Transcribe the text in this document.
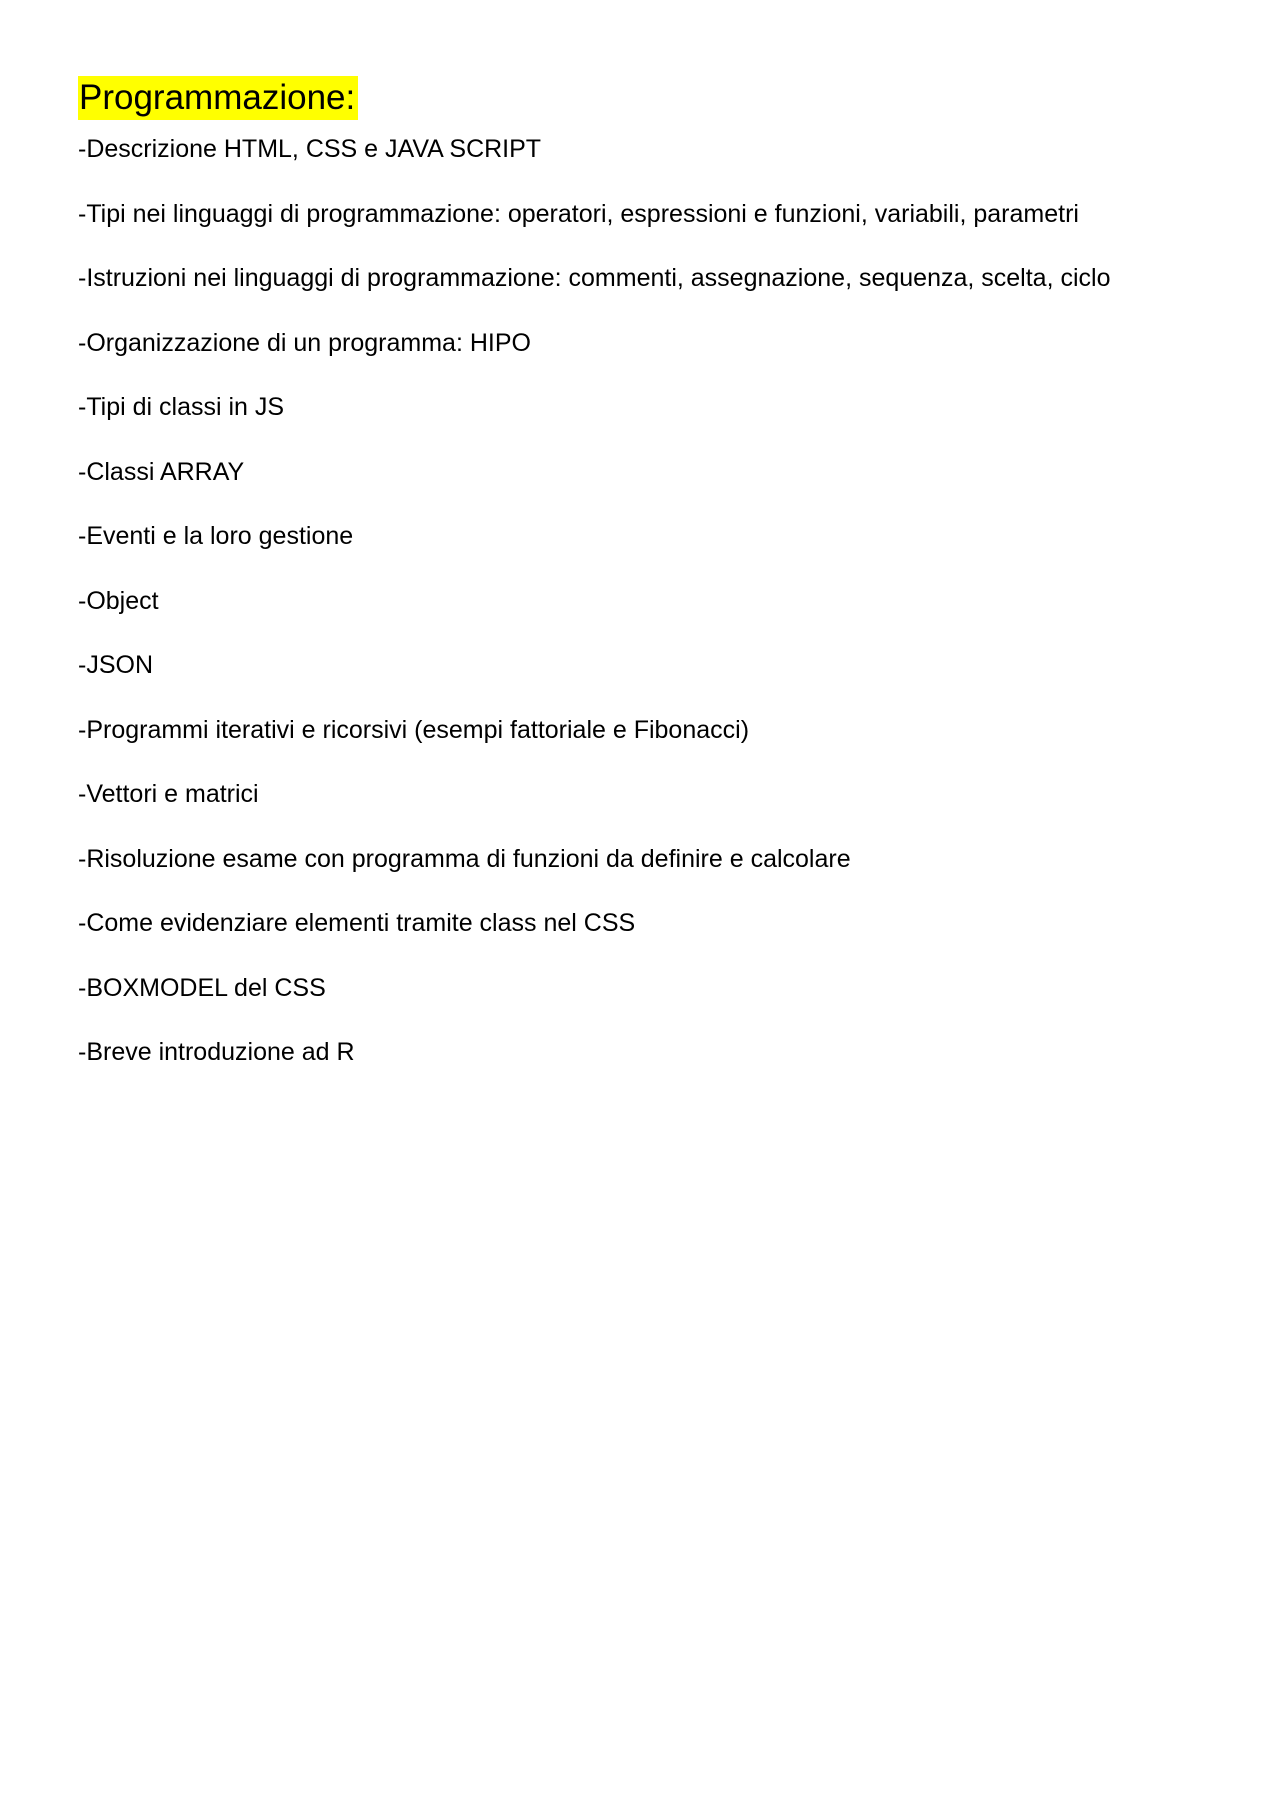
Programmazione:
-Descrizione HTML, CSS e JAVA SCRIPT
-Tipi nei linguaggi di programmazione: operatori, espressioni e funzioni, variabili, parametri
-Istruzioni nei linguaggi di programmazione: commenti, assegnazione, sequenza, scelta, ciclo
-Organizzazione di un programma: HIPO
-Tipi di classi in JS
-Classi ARRAY
-Eventi e la loro gestione
-Object
-JSON
-Programmi iterativi e ricorsivi (esempi fattoriale e Fibonacci)
-Vettori e matrici
-Risoluzione esame con programma di funzioni da definire e calcolare
-Come evidenziare elementi tramite class nel CSS
-BOXMODEL del CSS
-Breve introduzione ad R
